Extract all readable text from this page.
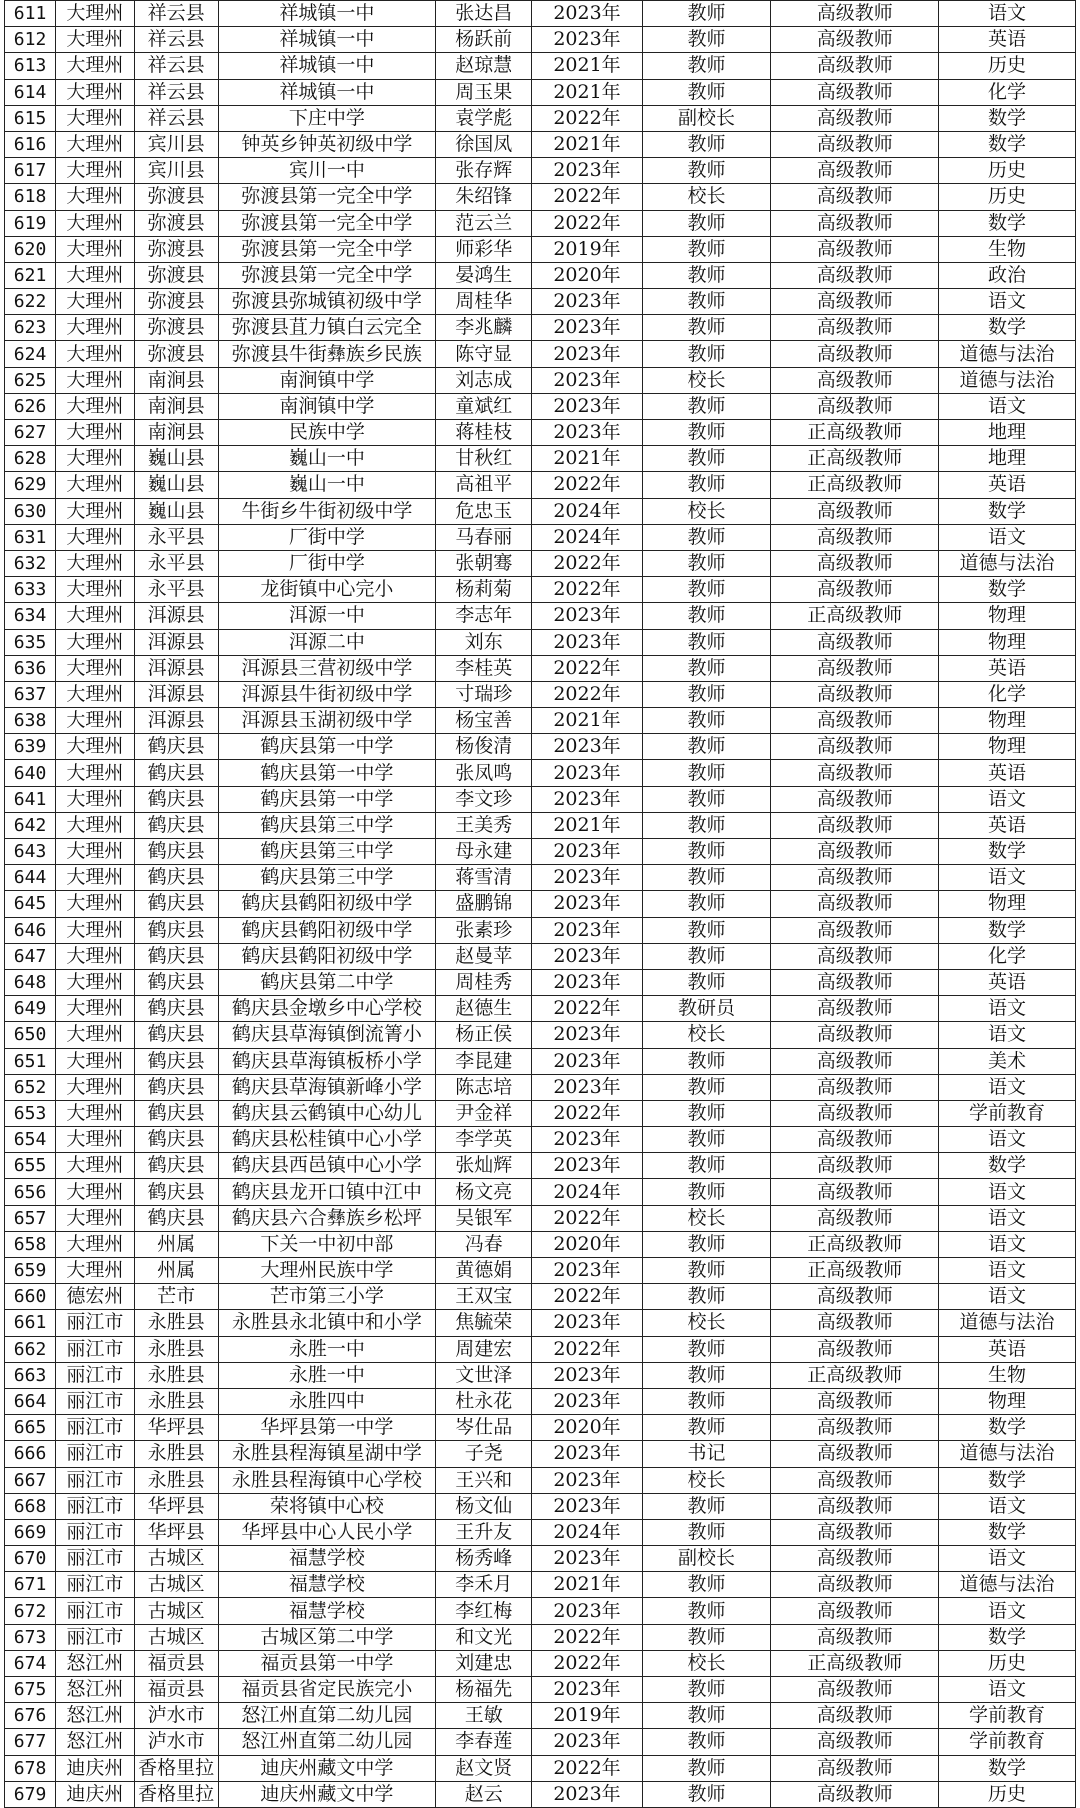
611	大理州	祥云县	祥城镇一中	张达昌	2023年	教师	高级教师	语文
612	大理州	祥云县	祥城镇一中	杨跃前	2023年	教师	高级教师	英语
613	大理州	祥云县	祥城镇一中	赵琼慧	2021年	教师	高级教师	历史
614	大理州	祥云县	祥城镇一中	周玉果	2021年	教师	高级教师	化学
615	大理州	祥云县	下庄中学	袁学彪	2022年	副校长	高级教师	数学
616	大理州	宾川县	钟英乡钟英初级中学	徐国凤	2021年	教师	高级教师	数学
617	大理州	宾川县	宾川一中	张存辉	2023年	教师	高级教师	历史
618	大理州	弥渡县	弥渡县第一完全中学	朱绍锋	2022年	校长	高级教师	历史
619	大理州	弥渡县	弥渡县第一完全中学	范云兰	2022年	教师	高级教师	数学
620	大理州	弥渡县	弥渡县第一完全中学	师彩华	2019年	教师	高级教师	生物
621	大理州	弥渡县	弥渡县第一完全中学	晏鸿生	2020年	教师	高级教师	政治
622	大理州	弥渡县	弥渡县弥城镇初级中学	周桂华	2023年	教师	高级教师	语文
623	大理州	弥渡县	弥渡县苴力镇白云完全	李兆麟	2023年	教师	高级教师	数学
624	大理州	弥渡县	弥渡县牛街彝族乡民族	陈守显	2023年	教师	高级教师	道德与法治
625	大理州	南涧县	南涧镇中学	刘志成	2023年	校长	高级教师	道德与法治
626	大理州	南涧县	南涧镇中学	童斌红	2023年	教师	高级教师	语文
627	大理州	南涧县	民族中学	蒋桂枝	2023年	教师	正高级教师	地理
628	大理州	巍山县	巍山一中	甘秋红	2021年	教师	正高级教师	地理
629	大理州	巍山县	巍山一中	高祖平	2022年	教师	正高级教师	英语
630	大理州	巍山县	牛街乡牛街初级中学	危忠玉	2024年	校长	高级教师	数学
631	大理州	永平县	厂街中学	马春丽	2024年	教师	高级教师	语文
632	大理州	永平县	厂街中学	张朝骞	2022年	教师	高级教师	道德与法治
633	大理州	永平县	龙街镇中心完小	杨莉菊	2022年	教师	高级教师	数学
634	大理州	洱源县	洱源一中	李志年	2023年	教师	正高级教师	物理
635	大理州	洱源县	洱源二中	刘东	2023年	教师	高级教师	物理
636	大理州	洱源县	洱源县三营初级中学	李桂英	2022年	教师	高级教师	英语
637	大理州	洱源县	洱源县牛街初级中学	寸瑞珍	2022年	教师	高级教师	化学
638	大理州	洱源县	洱源县玉湖初级中学	杨宝善	2021年	教师	高级教师	物理
639	大理州	鹤庆县	鹤庆县第一中学	杨俊清	2023年	教师	高级教师	物理
640	大理州	鹤庆县	鹤庆县第一中学	张凤鸣	2023年	教师	高级教师	英语
641	大理州	鹤庆县	鹤庆县第一中学	李文珍	2023年	教师	高级教师	语文
642	大理州	鹤庆县	鹤庆县第三中学	王美秀	2021年	教师	高级教师	英语
643	大理州	鹤庆县	鹤庆县第三中学	母永建	2023年	教师	高级教师	数学
644	大理州	鹤庆县	鹤庆县第三中学	蒋雪清	2023年	教师	高级教师	语文
645	大理州	鹤庆县	鹤庆县鹤阳初级中学	盛鹏锦	2023年	教师	高级教师	物理
646	大理州	鹤庆县	鹤庆县鹤阳初级中学	张素珍	2023年	教师	高级教师	数学
647	大理州	鹤庆县	鹤庆县鹤阳初级中学	赵曼苹	2023年	教师	高级教师	化学
648	大理州	鹤庆县	鹤庆县第二中学	周桂秀	2023年	教师	高级教师	英语
649	大理州	鹤庆县	鹤庆县金墩乡中心学校	赵德生	2022年	教研员	高级教师	语文
650	大理州	鹤庆县	鹤庆县草海镇倒流箐小	杨正侯	2023年	校长	高级教师	语文
651	大理州	鹤庆县	鹤庆县草海镇板桥小学	李昆建	2023年	教师	高级教师	美术
652	大理州	鹤庆县	鹤庆县草海镇新峰小学	陈志培	2023年	教师	高级教师	语文
653	大理州	鹤庆县	鹤庆县云鹤镇中心幼儿	尹金祥	2022年	教师	高级教师	学前教育
654	大理州	鹤庆县	鹤庆县松桂镇中心小学	李学英	2023年	教师	高级教师	语文
655	大理州	鹤庆县	鹤庆县西邑镇中心小学	张灿辉	2023年	教师	高级教师	数学
656	大理州	鹤庆县	鹤庆县龙开口镇中江中	杨文亮	2024年	教师	高级教师	语文
657	大理州	鹤庆县	鹤庆县六合彝族乡松坪	吴银军	2022年	校长	高级教师	语文
658	大理州	州属	下关一中初中部	冯春	2020年	教师	正高级教师	语文
659	大理州	州属	大理州民族中学	黄德娟	2023年	教师	正高级教师	语文
660	德宏州	芒市	芒市第三小学	王双宝	2022年	教师	高级教师	语文
661	丽江市	永胜县	永胜县永北镇中和小学	焦毓荣	2023年	校长	高级教师	道德与法治
662	丽江市	永胜县	永胜一中	周建宏	2022年	教师	高级教师	英语
663	丽江市	永胜县	永胜一中	文世泽	2023年	教师	正高级教师	生物
664	丽江市	永胜县	永胜四中	杜永花	2023年	教师	高级教师	物理
665	丽江市	华坪县	华坪县第一中学	岑仕品	2020年	教师	高级教师	数学
666	丽江市	永胜县	永胜县程海镇星湖中学	子尧	2023年	书记	高级教师	道德与法治
667	丽江市	永胜县	永胜县程海镇中心学校	王兴和	2023年	校长	高级教师	数学
668	丽江市	华坪县	荣将镇中心校	杨文仙	2023年	教师	高级教师	语文
669	丽江市	华坪县	华坪县中心人民小学	王升友	2024年	教师	高级教师	数学
670	丽江市	古城区	福慧学校	杨秀峰	2023年	副校长	高级教师	语文
671	丽江市	古城区	福慧学校	李禾月	2021年	教师	高级教师	道德与法治
672	丽江市	古城区	福慧学校	李红梅	2023年	教师	高级教师	语文
673	丽江市	古城区	古城区第二中学	和文光	2022年	教师	高级教师	数学
674	怒江州	福贡县	福贡县第一中学	刘建忠	2022年	校长	正高级教师	历史
675	怒江州	福贡县	福贡县省定民族完小	杨福先	2023年	教师	高级教师	语文
676	怒江州	泸水市	怒江州直第二幼儿园	王敏	2019年	教师	高级教师	学前教育
677	怒江州	泸水市	怒江州直第二幼儿园	李春莲	2023年	教师	高级教师	学前教育
678	迪庆州	香格里拉	迪庆州藏文中学	赵文贤	2022年	教师	高级教师	数学
679	迪庆州	香格里拉	迪庆州藏文中学	赵云	2023年	教师	高级教师	历史
